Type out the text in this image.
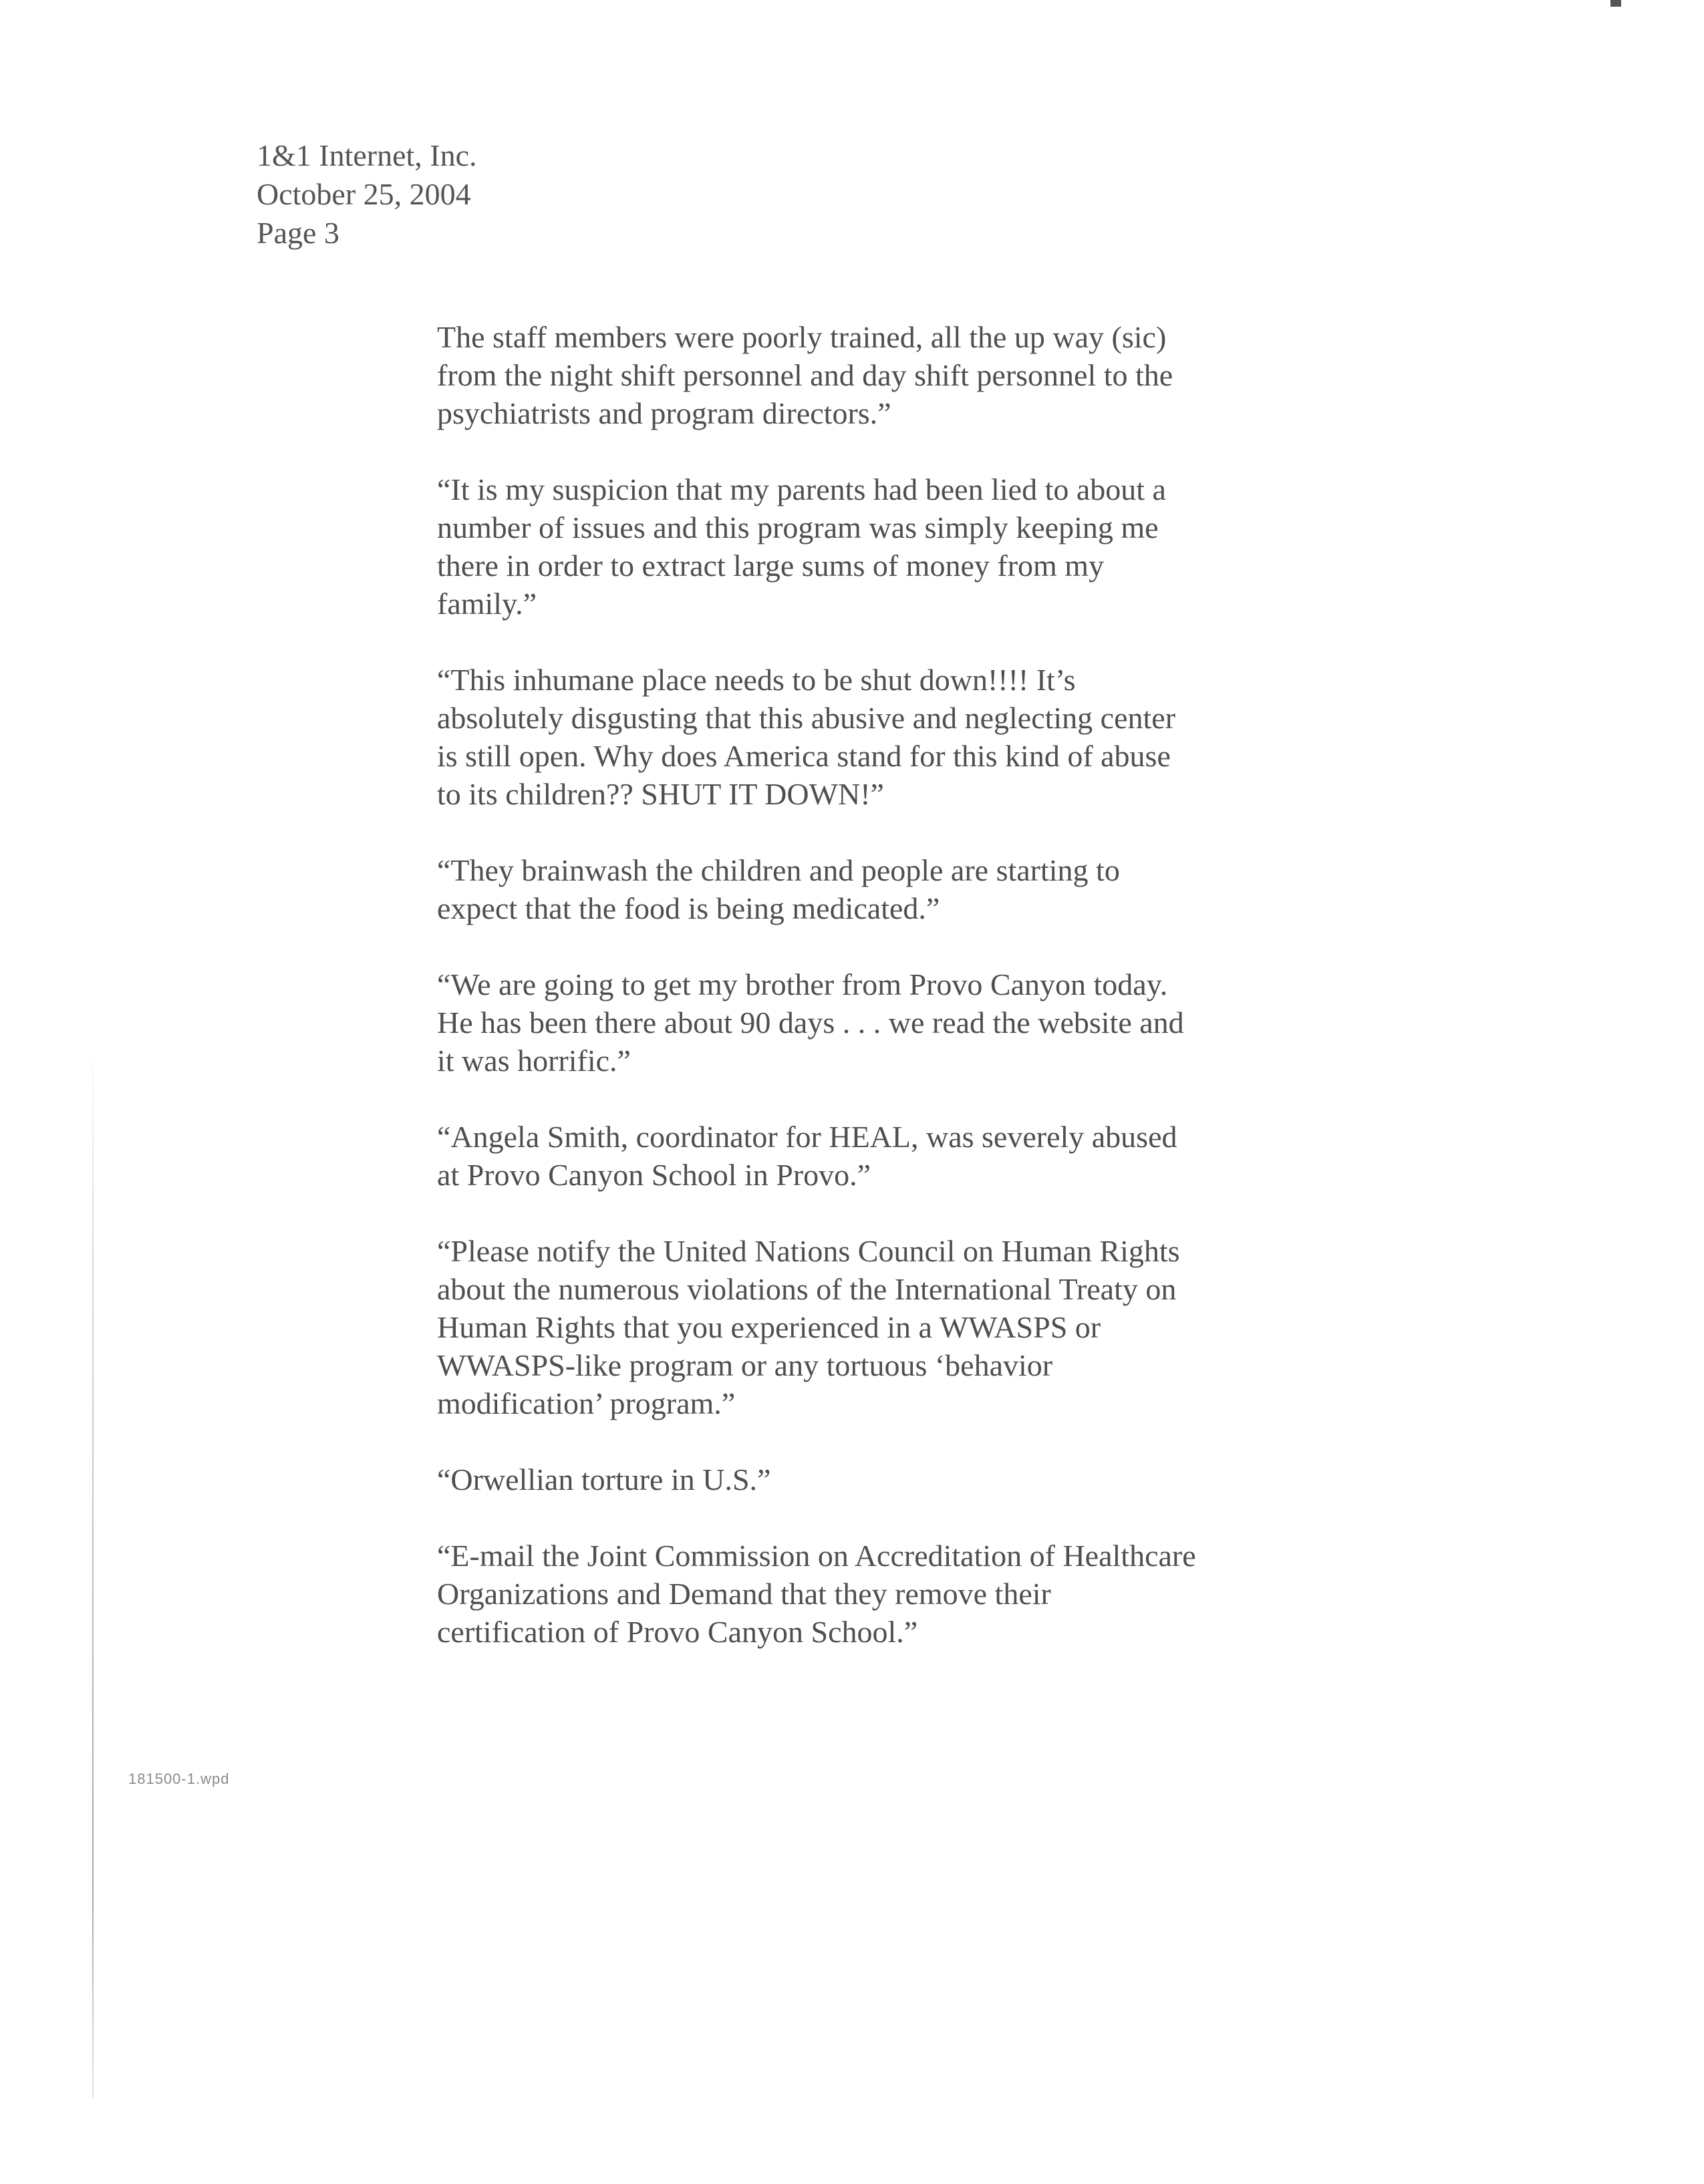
1&1 Internet, Inc.
October 25, 2004
Page 3

The staff members were poorly trained, all the up way (sic)
from the night shift personnel and day shift personnel to the
psychiatrists and program directors.”

“It is my suspicion that my parents had been lied to about a
number of issues and this program was simply keeping me
there in order to extract large sums of money from my
family.”

“This inhumane place needs to be shut down!!!! It’s
absolutely disgusting that this abusive and neglecting center
is still open. Why does America stand for this kind of abuse
to its children?? SHUT IT DOWN!”

“They brainwash the children and people are starting to
expect that the food is being medicated.”

“We are going to get my brother from Provo Canyon today.
He has been there about 90 days . . . we read the website and
it was horrific.”

“Angela Smith, coordinator for HEAL, was severely abused
at Provo Canyon School in Provo.”

“Please notify the United Nations Council on Human Rights
about the numerous violations of the International Treaty on
Human Rights that you experienced in a WWASPS or
WWASPS-like program or any tortuous ‘behavior
modification’ program.”

“Orwellian torture in U.S.”

“E-mail the Joint Commission on Accreditation of Healthcare
Organizations and Demand that they remove their
certification of Provo Canyon School.”

181500-1.wpd
